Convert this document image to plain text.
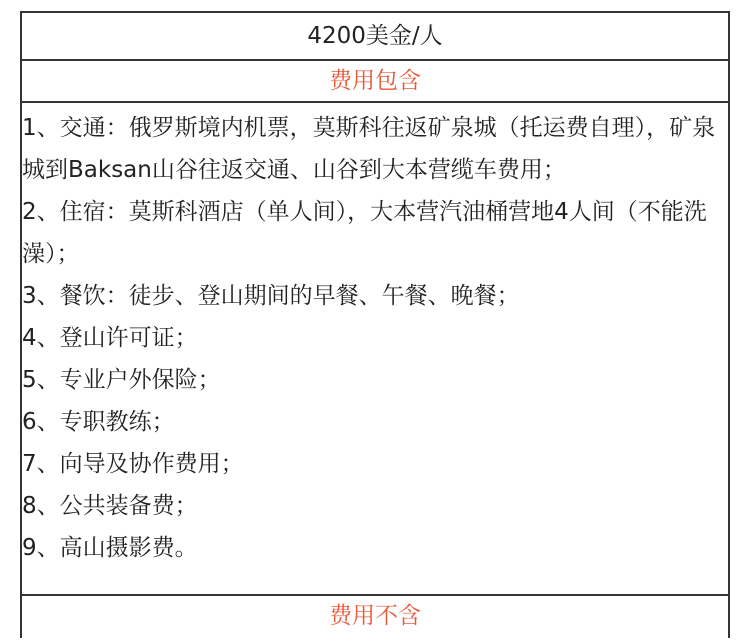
4200美金/人
费用包含
1、交通：俄罗斯境内机票，莫斯科往返矿泉城（托运费自理），矿泉城到Baksan山谷往返交通、山谷到大本营缆车费用；
2、住宿：莫斯科酒店（单人间），大本营汽油桶营地4人间（不能洗澡）；
3、餐饮：徒步、登山期间的早餐、午餐、晚餐；
4、登山许可证；
5、专业户外保险；
6、专职教练；
7、向导及协作费用；
8、公共装备费；
9、高山摄影费。
费用不含
